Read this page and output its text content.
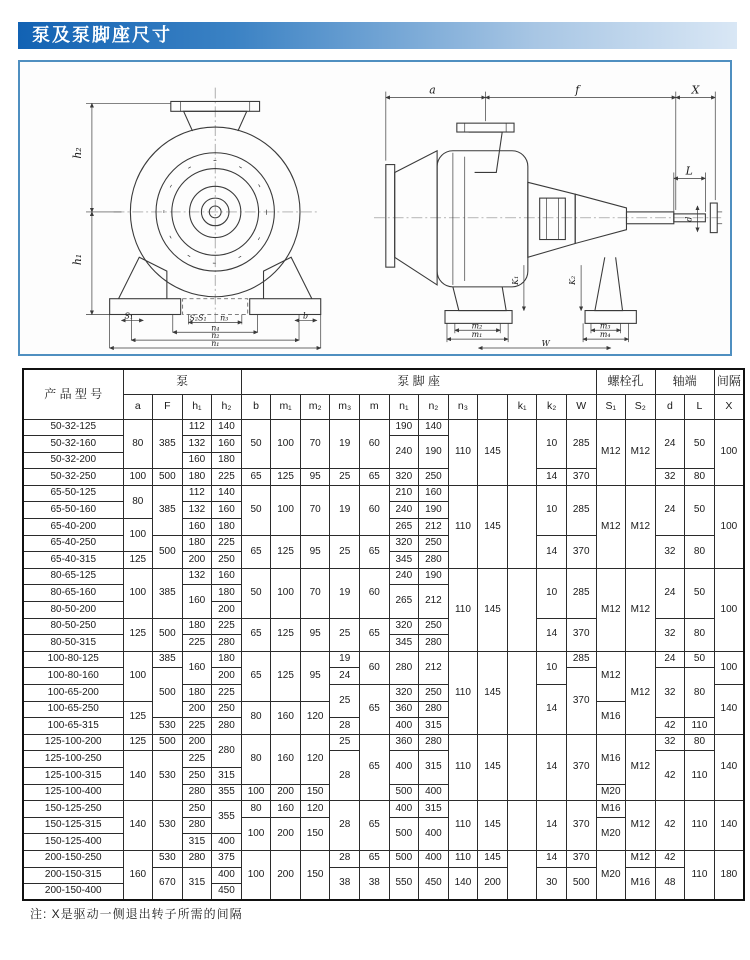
泵及泵脚座尺寸
h₂
h₁
S₁	S₂S₁ n₃
n₄
n₂
n₁
b
a	f	X
L
d
K₁	K₂
m₂
m₁
m₃
m₄
W
产 品 型 号	泵				泵 脚 座												螺栓孔		轴端		间隔
	a	F	h₁	h₂	b	m₁	m₂	m₃	m	n₁	n₂	n₃		k₁	k₂	W	S₁	S₂	d	L	X
50-32-125	80	385	112	140	50	100	70	19	60	190	140	110	145		10	285	M12	M12	24	50	100
50-32-160			132	160						240	190										
50-32-200			160	180																	
50-32-250	100	500	180	225	65	125	95	25	65	320	250				14	370			32	80	
65-50-125	80	385	112	140	50	100	70	19	60	210	160	110	145		10	285	M12	M12	24	50	100
65-50-160			132	160						240	190										
65-40-200	100		160	180						265	212										
65-40-250		500	180	225	65	125	95	25	65	320	250				14	370			32	80	
65-40-315	125		200	250						345	280										
80-65-125	100	385	132	160	50	100	70	19	60	240	190	110	145		10	285	M12	M12	24	50	100
80-65-160			160	180						265	212										
80-50-200				200																	
80-50-250	125	500	180	225	65	125	95	25	65	320	250				14	370			32	80	
80-50-315			225	280						345	280										
100-80-125	100	385	160	180	65	125	95	19	60	280	212	110	145		10	285	M12	M12	24	50	100
100-80-160		500		200				24								370			32	80	
100-65-200			180	225				25	65	320	250				14						140
100-65-250	125		200	250	80	160	120			360	280						M16				
100-65-315		530	225	280				28		400	315								42	110	
125-100-200	125	500	200	280	80	160	120	25	65	360	280	110	145		14	370	M16	M12	32	80	140
125-100-250	140	530	225					28		400	315								42	110	
125-100-315			250	315																	
125-100-400			280	355	100	200	150			500	400						M20				
150-125-250	140	530	250	355	80	160	120	28	65	400	315	110	145		14	370	M16	M12	42	110	140
150-125-315			280		100	200	150			500	400						M20				
150-125-400			315	400																	
200-150-250	160	530	280	375	100	200	150	28	65	500	400	110	145		14	370	M20	M12	42	110	180
200-150-315		670	315	400				38	38	550	450	140	200		30	500		M16	48		
200-150-400				450																	
注: X是驱动一侧退出转子所需的间隔
